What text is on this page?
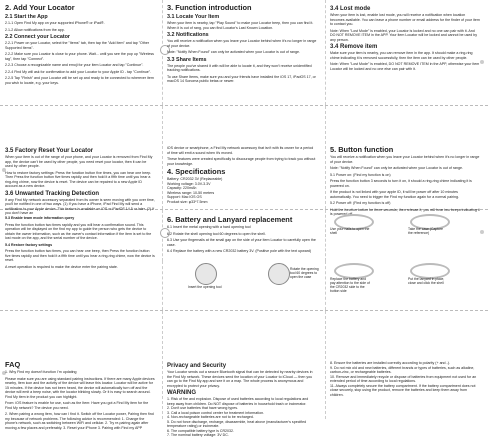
2. Add Your Locator
2.1 Start the App

2.1-1 Open Find My app on your supported iPhone® or iPad®.

2.1-2 Allow notifications from the app.

2.2 Connect your Locator

2.2-1 Power on your Locator, select the "Items" tab, then tap the "Add Item" and tap "Other Supported Items".

2.2-2 Make sure you Locator is close to your phone. Wait... until you see the pop up "Wireless tag", then tap "Connect".

2.2-3 Choose a recognizable name and emoji for your item Locator and tap "Continue".

2.2-4 Find My will ask for confirmation to add your Locator to your Apple ID - tap "Continue".

2.2-5 Tap "Finish" and your Locator will be set up and ready to be connected to wherever item you wish to locate, e.g. your keys.

3. Function introduction
3.1 Locate Your Item

When your item is nearby, tap "Play Sound" to make your Locator beep, then you can find it. When it is out of rang, you can find Locator's Last Known Location.

3.2 Notifications

You will receive a notification when you leave your Locator behind when it's no longer in range of your device.

Note: "Notify When Found" can only be activated when your Locator is out of range.

3.3 Share Items

The people you've shared it with will be able to locate it, and they won't receive unidentified tracking notifications.

To use Share Items, make sure you and your friends have installed the iOS 17, iPadOS 17, or macOS 14 Sonoma public betas or newer.

3.4 Lost mode

When your item is lost, enable lost mode, you will receive a notification when location becomes available. You can leave a phone number or email address for the finder of your item to contact you.

Note: When "Lost Mode" is enabled, your Locator is locked and no one can pair with it. And DO NOT REMOVE ITEM in the APP. Your item Locator will be locked and cannot be used by any person.

3.4 Remove item

Make sure your item is nearby, you can remove item in the app. It should make a ring-ring chime indicating it is removed successfully, then the item can be used by other people.

Note: When "Lost Mode" is enabled, DO NOT REMOVE ITEM in the APP, otherwise your item Locator will be locked and no one else can pair with it.

3.5 Factory Reset Your Locator

When your item is out of the range of your phone, and your Locator is removed from Find My app, the device can't be used by other people, you need reset your locator, then it can be used by other people.

How to restore factory settings: Press the function button five times, you can hear one beep. Then Press the function button five times rapidly and then hold it a fifth time until you hear a ring-ring chime, now the device is reset. The device can be repaired to a new Apple ID account as a new device.

3.6 Unwanted Tracking Detection

If any Find My network accessory separated from its owner is seen moving with you over time, you'll be notified in one of two ways. (1) If you have a iPhone, iPad Find My will send a notification to your Apple device. This feature is available on iOS or iPadOS 14.5 or later. (2) If you don't have an

iOS device or smartphone, a Find My network accessory that isn't with its owner for a period of time will emit a sound when it's moved.

These features were created specifically to discourage people from trying to track you without your knowledge.

4. Specifications
Battery: CR2032 3V (Replaceable)
Working voltage: 3.0V-3.3V
Capacity: 220mAh
Wireless range: 10-50 meters
Support: Mac IOS OS
Product size: φ33*7.5mm
5. Button function

You will receive a notification when you leave your Locator behind when it's no longer in range of your device.

Note: "Notify When Found" can only be activated when your Locator is out of range.

5.1 Power on: (Find my function is on)

Press the function button 3 seconds to turn it on, it should a ring-ring chime indicating it is powered on.

If the product is not linked with your apple ID, it will be power off after 10 minutes automatically. You need to trigger the Find my function again for a normal pairing.

5.2 Power off: (Find my function is off)

Hold the function button for three seconds, then release it, you will hear two beeps indicating it is powered off.

5.3 Enable team mode information query

Press the function button two times rapidly and you will hear a confirmation sound. This operation will be displayed on the find my app to guide the person who gets the device to obtain the owner information, such as the owner's contact information if the item is set to the lost mode on the app, and the serial number of the device.

5.4 Restore factory settings

Press the function button two times, you can hear one beep, then Press the function button five times rapidly and then hold it a fifth time until you hear a ring-ring chime, now the device is reset.

A reset operation is required to make the device enter the pairing state.

6. Battery and Lanyard replacement

6.1 Insert the metal opening with a hard opening tool

6.2 Rotate the shell opening tool 60 degrees to open the shell.

6.3 Use your fingernails at the small gap on the side of your item Locator to carefully open the case.

6.4 Replace the battery with a new CR2032 battery 3V. (Positive pole with the text upward)

Use your nails to open the shell
Take the case (Capture the reference)
Insert the opening tool
Rotate the opening tool 60 degrees to open the case	Replace the battery and pay attention to the side of the CR2032 side to the button side
Put the lanyard in place, close and click the shell
FAQ

1. Why Find my doesn't function I'm updating

Please make sure you are using standard pairing instructions. If there are many Apple devices nearby, Item icon and the activity of the device will leave this locator. Locator will be active for 15 minutes. If the device has not been heard, the device will automatically turn off and the device will emit a beep noise, with the locator blinking slowly. Or it is easy to search around. Find My item in the product you can highlight.

From: iOS feature is enable for use, such as the Item: Have you got a Find My item for the Find My network? The device you need.

2. When pairing a wrong item, how can I find it. Switch off the Locator power, Pairing then find my because of network problems. The following advice is recommended: 1. Change the phone's network, such as switching between WiFi and cellular. 2. Try re-pairing again after moving a few places and preferably. 3. Reset your iPhone 3. Pairing with Find my APP

Privacy and Security

Your Locator sends out a secure Bluetooth signal that can be detected by nearby devices in the Find My network. These devices send the location of your Locator to iCloud — then you can go to the Find My app and see it on a map. The whole process is anonymous and encrypted to protect your privacy.

WARNING
1. Risk of fire and explosion. Dispose of used batteries according to local regulations and keep away from children. Do NOT dispose of batteries in household trash or incinerator.
2. Don't use batteries that have wrong types.
3. Call a local poison control center for treatment information.
4. Non-rechargeable batteries are not to be recharged.
5. Do not force discharge, recharge, disassemble, heat above (manufacturer's specified temperature rating) or incinerate.
6. The compatible battery type is CR2032.
7. The nominal battery voltage: 3V DC.
8. Ensure the batteries are installed correctly according to polarity (+ and -).
9. Do not mix old and new batteries, different brands or types of batteries, such as alkaline, carbon-zinc, or rechargeable batteries.
10. Remove and immediately recycle or dispose of batteries from equipment not used for an extended period of time according to local regulations.
11. Always completely secure the battery compartment. If the battery compartment does not close securely, stop using the product, remove the batteries and keep them away from children.
